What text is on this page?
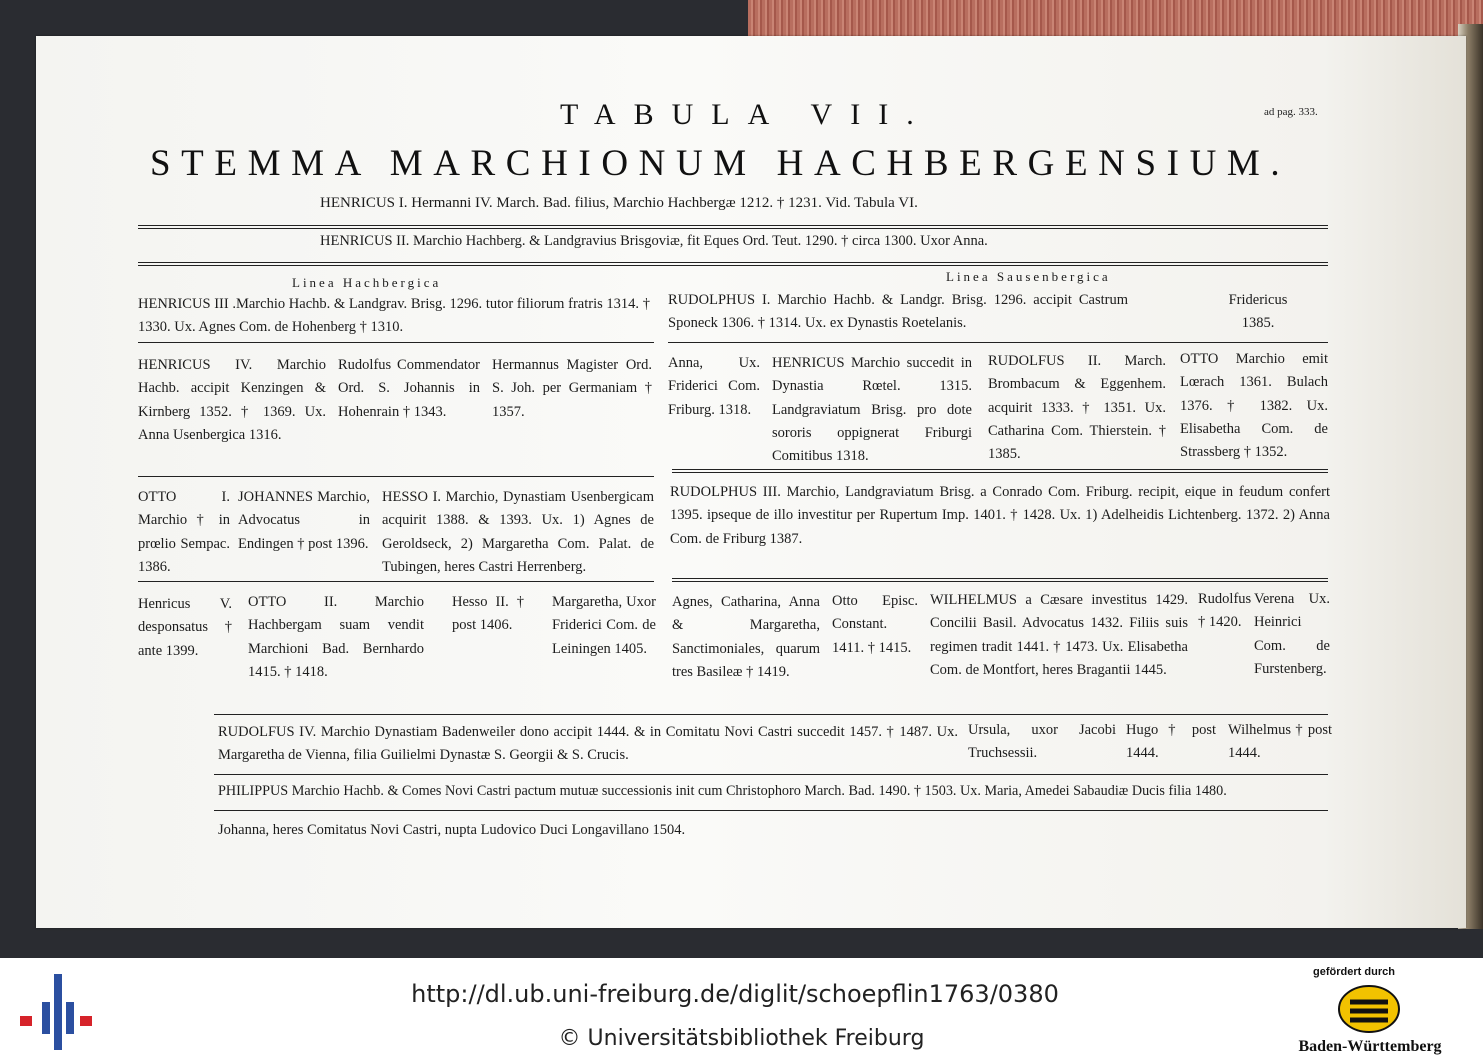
TABULA VII.	ad pag. 333.
STEMMA MARCHIONUM HACHBERGENSIUM.
HENRICUS I. Hermanni IV. March. Bad. filius, Marchio Hachbergæ 1212. † 1231. Vid. Tabula VI.
HENRICUS II. Marchio Hachberg. & Landgravius Brisgoviæ, fit Eques Ord. Teut. 1290. † circa 1300. Uxor Anna.
Linea Hachbergica	Linea Sausenbergica
HENRICUS III .Marchio Hachb. & Landgrav. Brisg. 1296. tutor filiorum fratris 1314. † 1330. Ux. Agnes Com. de Hohenberg † 1310.
RUDOLPHUS I. Marchio Hachb. & Landgr. Brisg. 1296. accipit Castrum Sponeck 1306. † 1314. Ux. ex Dynastis Roetelanis.
Fridericus 1385.
HENRICUS IV. Marchio Hachb. accipit Kenzingen & Kirnberg 1352. † 1369. Ux. Anna Usenbergica 1316.
Rudolfus Commendator Ord. S. Johannis in Hohenrain † 1343.
Hermannus Magister Ord. S. Joh. per Germaniam † 1357.
Anna, Ux. Friderici Com. Friburg. 1318.
HENRICUS Marchio succedit in Dynastia Rœtel. 1315. Landgraviatum Brisg. pro dote sororis oppignerat Friburgi Comitibus 1318.
RUDOLFUS II. March. Brombacum & Eggenhem. acquirit 1333. † 1351. Ux. Catharina Com. Thierstein. † 1385.
OTTO Marchio emit Lœrach 1361. Bulach 1376. † 1382. Ux. Elisabetha Com. de Strassberg † 1352.
OTTO I. Marchio † in prœlio Sempac. 1386.
JOHANNES Marchio, Advocatus in Endingen † post 1396.
HESSO I. Marchio, Dynastiam Usenbergicam acquirit 1388. & 1393. Ux. 1) Agnes de Geroldseck, 2) Margaretha Com. Palat. de Tubingen, heres Castri Herrenberg.
RUDOLPHUS III. Marchio, Landgraviatum Brisg. a Conrado Com. Friburg. recipit, eique in feudum confert 1395. ipseque de illo investitur per Rupertum Imp. 1401. † 1428. Ux. 1) Adelheidis Lichtenberg. 1372. 2) Anna Com. de Friburg 1387.
Henricus V. desponsatus † ante 1399.
OTTO II. Marchio Hachbergam suam vendit Marchioni Bad. Bernhardo 1415. † 1418.
Hesso II. † post 1406.
Margaretha, Uxor Friderici Com. de Leiningen 1405.
Agnes, Catharina, Anna & Margaretha, Sanctimoniales, quarum tres Basileæ † 1419.
Otto Episc. Constant. 1411. † 1415.
WILHELMUS a Cæsare investitus 1429. Concilii Basil. Advocatus 1432. Filiis suis regimen tradit 1441. † 1473. Ux. Elisabetha Com. de Montfort, heres Bragantii 1445.
Rudolfus † 1420.
Verena Ux. Heinrici Com. de Furstenberg.
RUDOLFUS IV. Marchio Dynastiam Badenweiler dono accipit 1444. & in Comitatu Novi Castri succedit 1457. † 1487. Ux. Margaretha de Vienna, filia Guilielmi Dynastæ S. Georgii & S. Crucis.
Ursula, uxor Jacobi Truchsessii.
Hugo † post 1444.
Wilhelmus † post 1444.
PHILIPPUS Marchio Hachb. & Comes Novi Castri pactum mutuæ successionis init cum Christophoro March. Bad. 1490. † 1503. Ux. Maria, Amedei Sabaudiæ Ducis filia 1480.
Johanna, heres Comitatus Novi Castri, nupta Ludovico Duci Longavillano 1504.
http://dl.ub.uni-freiburg.de/diglit/schoepflin1763/0380
© Universitätsbibliothek Freiburg
gefördert durch
Baden-Württemberg
